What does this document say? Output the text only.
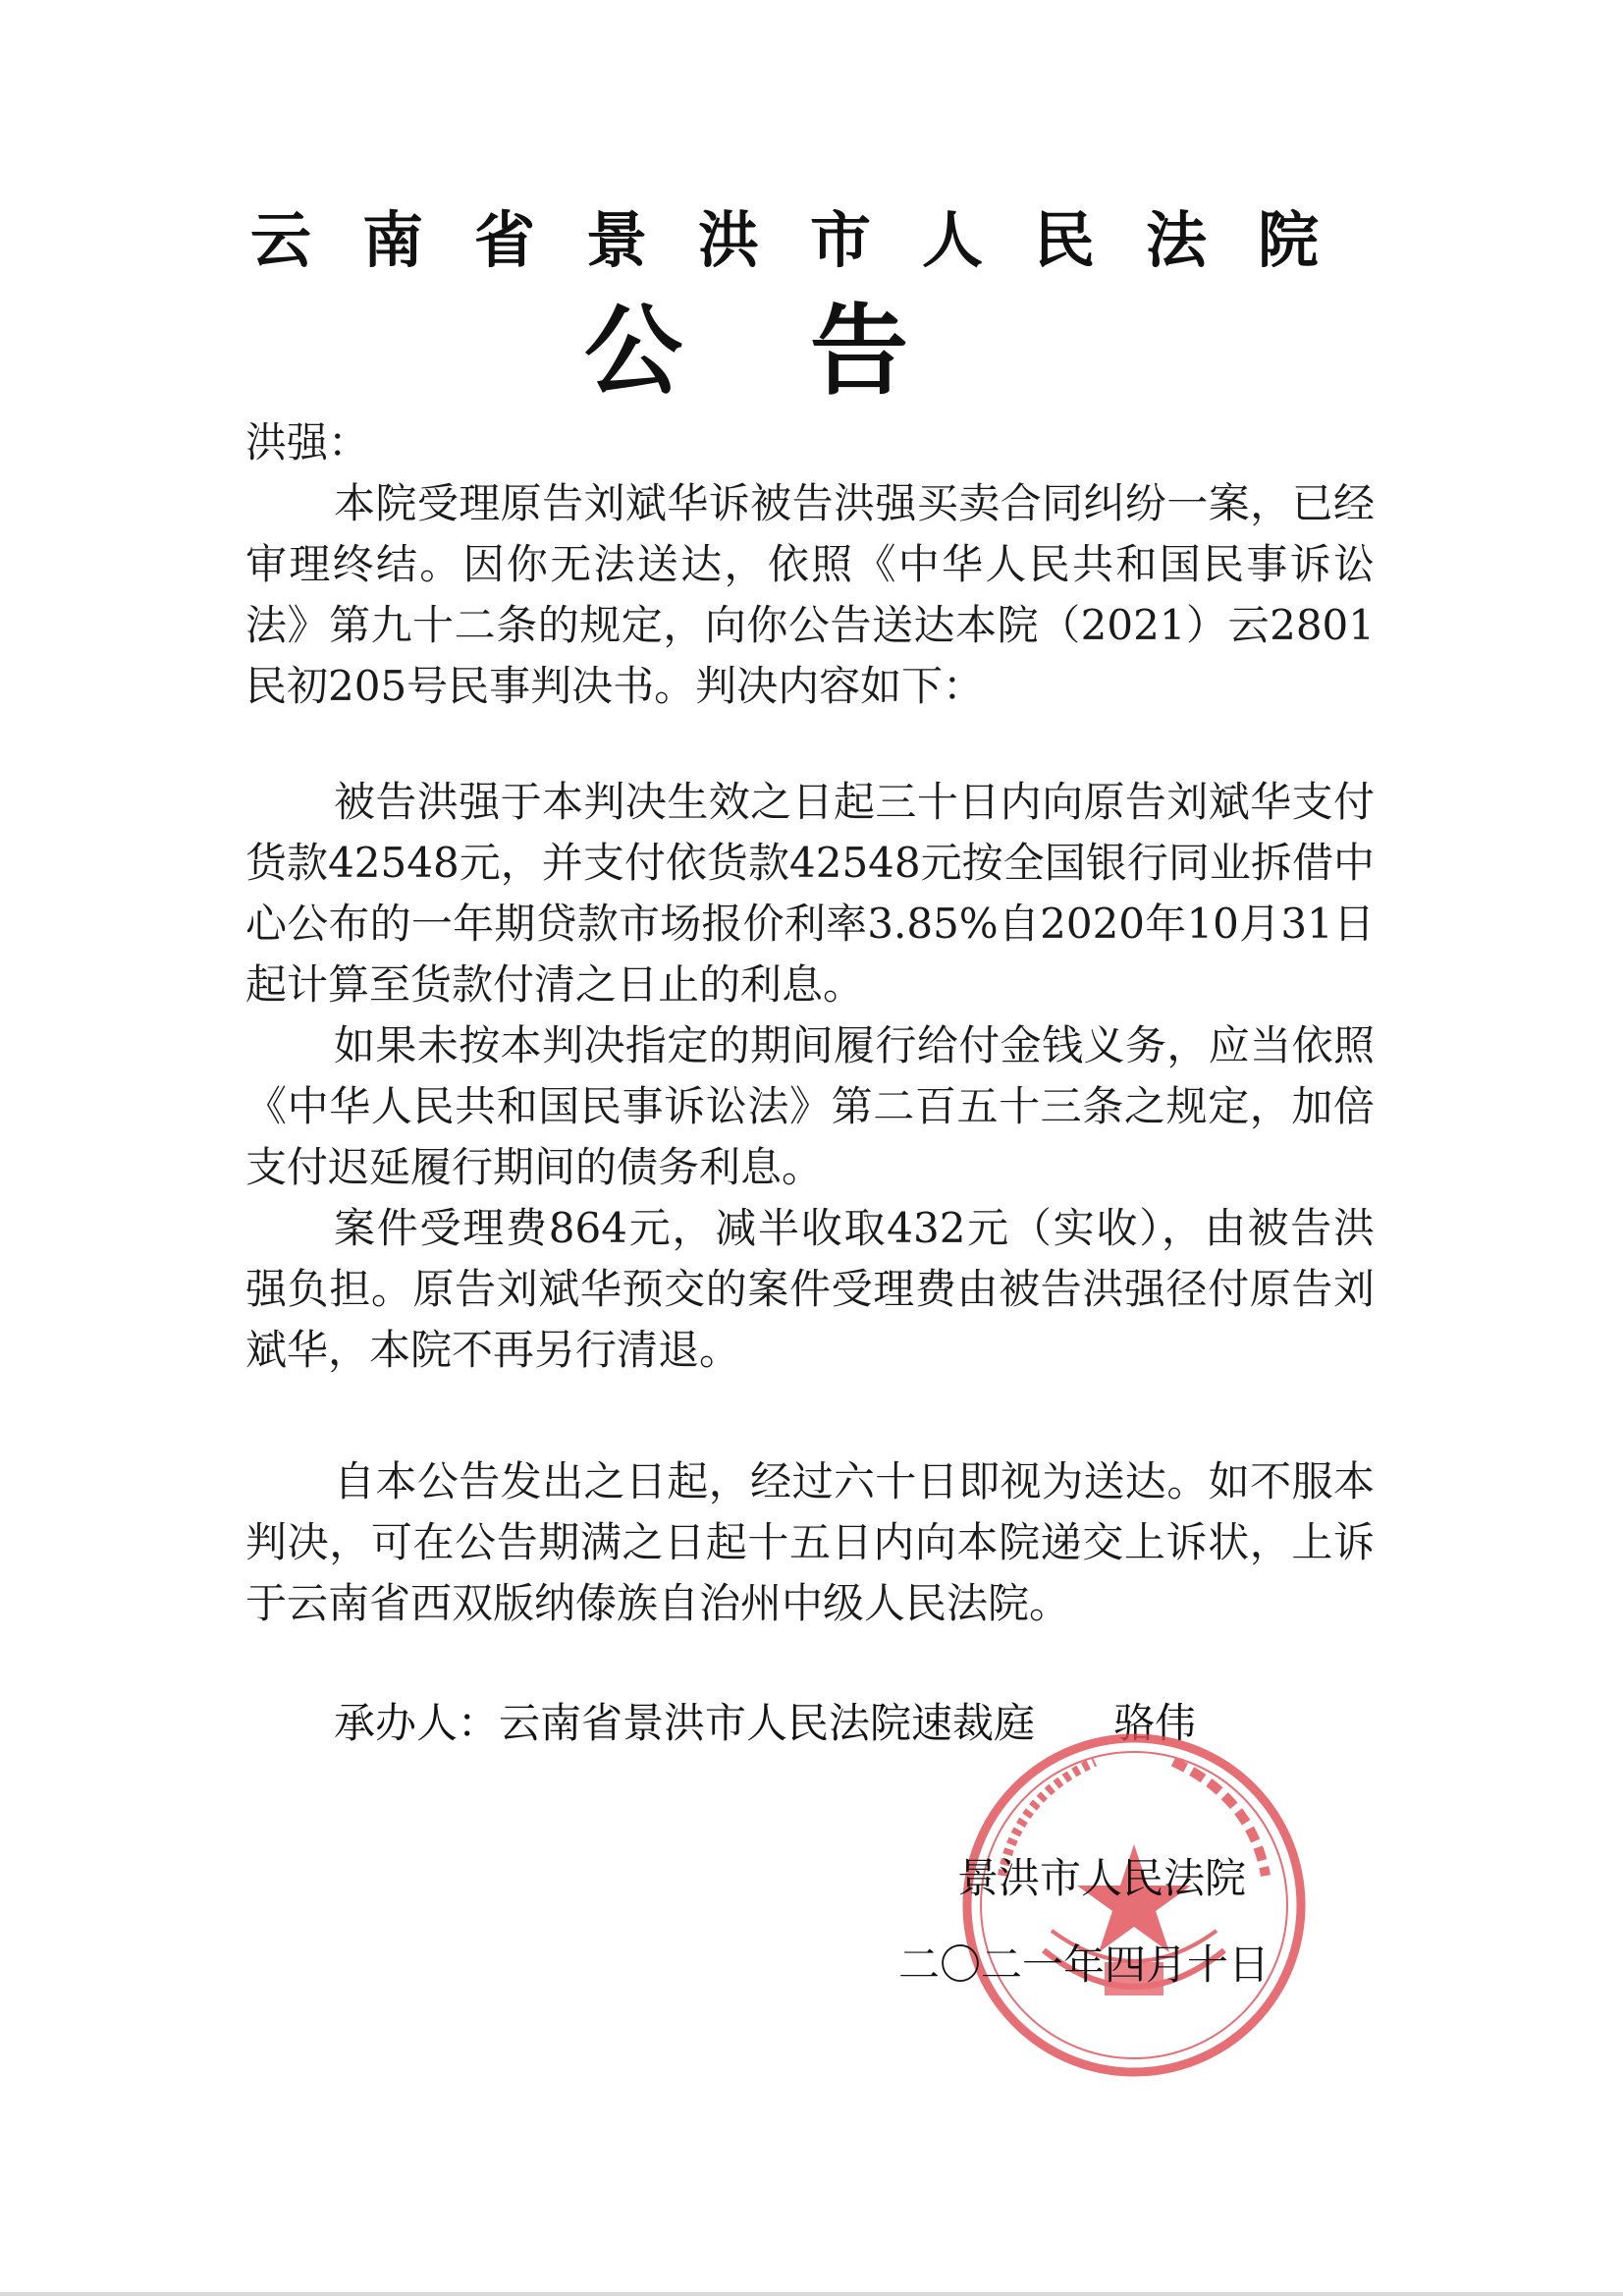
云南省景洪市人民法院
公告

洪强：

本院受理原告刘斌华诉被告洪强买卖合同纠纷一案，已经审理终结。因你无法送达，依照《中华人民共和国民事诉讼法》第九十二条的规定，向你公告送达本院（2021）云2801民初205号民事判决书。判决内容如下：

被告洪强于本判决生效之日起三十日内向原告刘斌华支付货款42548元，并支付依货款42548元按全国银行同业拆借中心公布的一年期贷款市场报价利率3.85%自2020年10月31日起计算至货款付清之日止的利息。

如果未按本判决指定的期间履行给付金钱义务，应当依照《中华人民共和国民事诉讼法》第二百五十三条之规定，加倍支付迟延履行期间的债务利息。

案件受理费864元，减半收取432元（实收），由被告洪强负担。原告刘斌华预交的案件受理费由被告洪强径付原告刘斌华，本院不再另行清退。

自本公告发出之日起，经过六十日即视为送达。如不服本判决，可在公告期满之日起十五日内向本院递交上诉状，上诉于云南省西双版纳傣族自治州中级人民法院。

承办人：云南省景洪市人民法院速裁庭 骆伟
景洪市人民法院
二〇二一年四月十日
